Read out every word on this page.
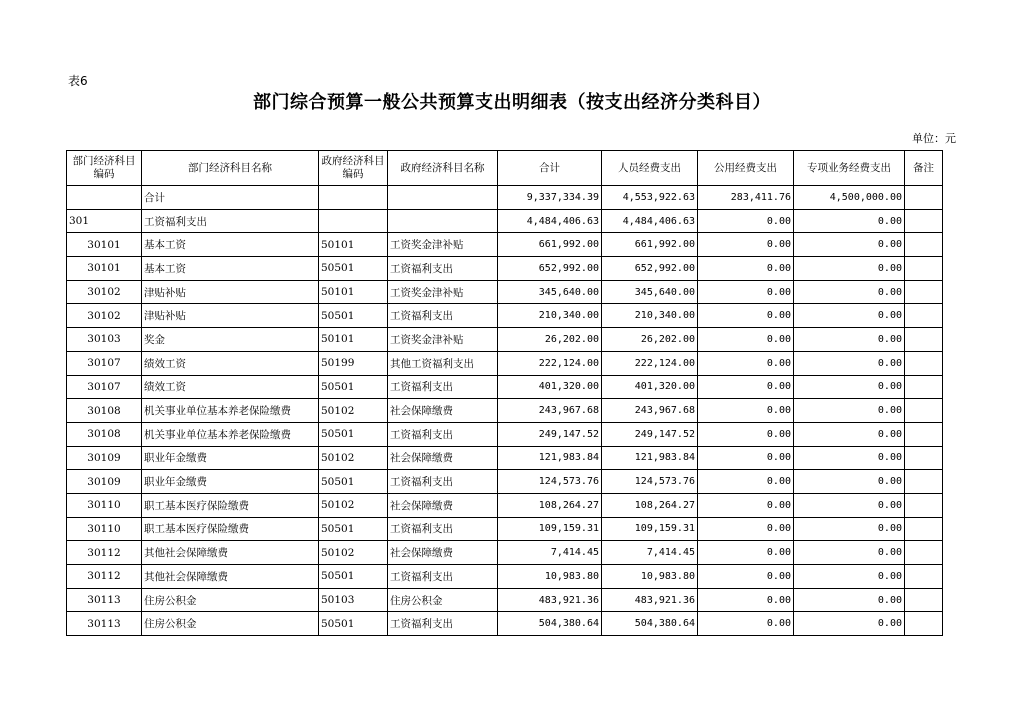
表6
部门综合预算一般公共预算支出明细表（按支出经济分类科目）
单位：元
部门经济科目编码	部门经济科目名称	政府经济科目编码	政府经济科目名称	合计	人员经费支出	公用经费支出	专项业务经费支出	备注
	合计			9,337,334.39	4,553,922.63	283,411.76	4,500,000.00	
301	工资福利支出			4,484,406.63	4,484,406.63	0.00	0.00	
30101	基本工资	50101	工资奖金津补贴	661,992.00	661,992.00	0.00	0.00	
30101	基本工资	50501	工资福利支出	652,992.00	652,992.00	0.00	0.00	
30102	津贴补贴	50101	工资奖金津补贴	345,640.00	345,640.00	0.00	0.00	
30102	津贴补贴	50501	工资福利支出	210,340.00	210,340.00	0.00	0.00	
30103	奖金	50101	工资奖金津补贴	26,202.00	26,202.00	0.00	0.00	
30107	绩效工资	50199	其他工资福利支出	222,124.00	222,124.00	0.00	0.00	
30107	绩效工资	50501	工资福利支出	401,320.00	401,320.00	0.00	0.00	
30108	机关事业单位基本养老保险缴费	50102	社会保障缴费	243,967.68	243,967.68	0.00	0.00	
30108	机关事业单位基本养老保险缴费	50501	工资福利支出	249,147.52	249,147.52	0.00	0.00	
30109	职业年金缴费	50102	社会保障缴费	121,983.84	121,983.84	0.00	0.00	
30109	职业年金缴费	50501	工资福利支出	124,573.76	124,573.76	0.00	0.00	
30110	职工基本医疗保险缴费	50102	社会保障缴费	108,264.27	108,264.27	0.00	0.00	
30110	职工基本医疗保险缴费	50501	工资福利支出	109,159.31	109,159.31	0.00	0.00	
30112	其他社会保障缴费	50102	社会保障缴费	7,414.45	7,414.45	0.00	0.00	
30112	其他社会保障缴费	50501	工资福利支出	10,983.80	10,983.80	0.00	0.00	
30113	住房公积金	50103	住房公积金	483,921.36	483,921.36	0.00	0.00	
30113	住房公积金	50501	工资福利支出	504,380.64	504,380.64	0.00	0.00	
